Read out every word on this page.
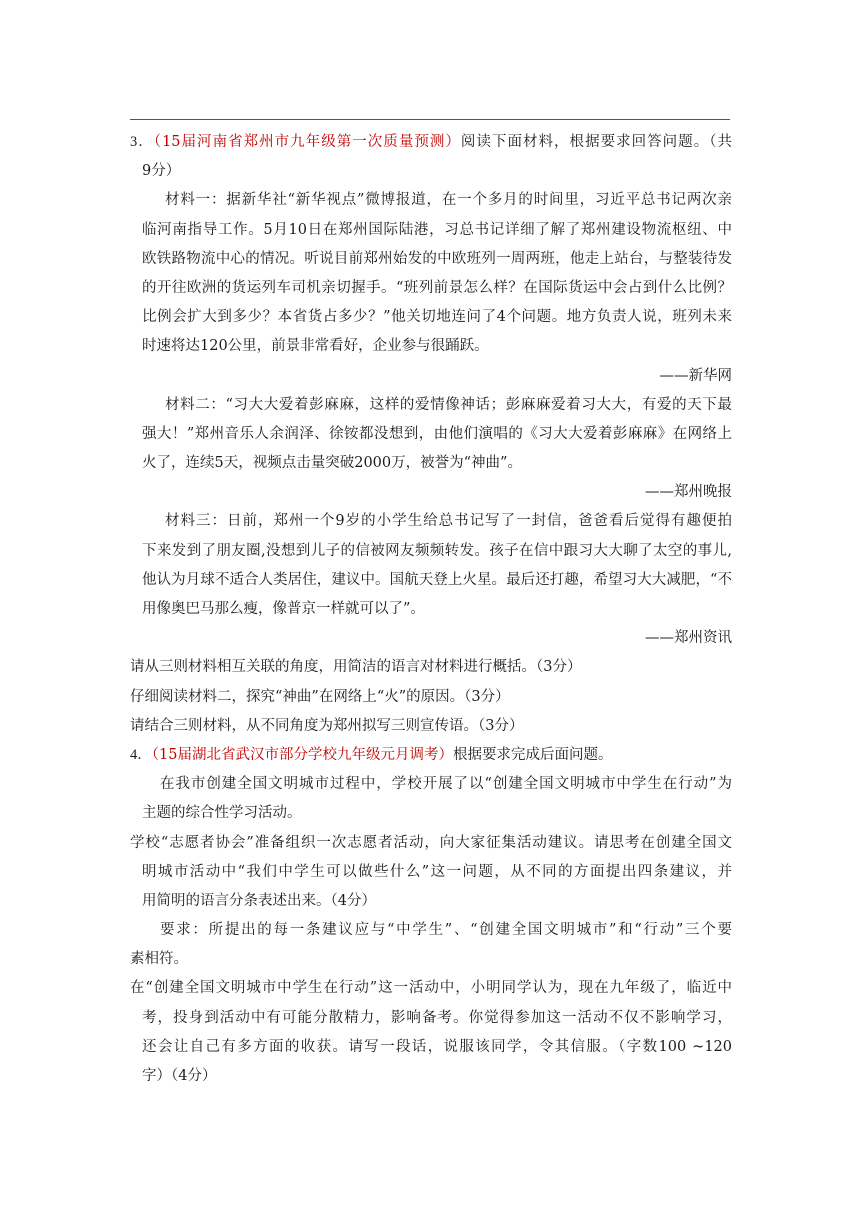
3．（15届河南省郑州市九年级第一次质量预测）阅读下面材料，根据要求回答问题。（共
9分）
材料一：据新华社“新华视点”微博报道，在一个多月的时间里，习近平总书记两次亲
临河南指导工作。5月10日在郑州国际陆港，习总书记详细了解了郑州建设物流枢纽、中
欧铁路物流中心的情况。听说目前郑州始发的中欧班列一周两班，他走上站台，与整装待发
的开往欧洲的货运列车司机亲切握手。“班列前景怎么样？在国际货运中会占到什么比例？
比例会扩大到多少？本省货占多少？”他关切地连问了4个问题。地方负责人说，班列未来
时速将达120公里，前景非常看好，企业参与很踊跃。
——新华网
材料二：“习大大爱着彭麻麻，这样的爱情像神话；彭麻麻爱着习大大，有爱的天下最
强大！”郑州音乐人余润泽、徐铵都没想到，由他们演唱的《习大大爱着彭麻麻》在网络上
火了，连续5天，视频点击量突破2000万，被誉为“神曲”。
——郑州晚报
材料三：日前，郑州一个9岁的小学生给总书记写了一封信，爸爸看后觉得有趣便拍
下来发到了朋友圈,没想到儿子的信被网友频频转发。孩子在信中跟习大大聊了太空的事儿,
他认为月球不适合人类居住，建议中。国航天登上火星。最后还打趣，希望习大大减肥，“不
用像奥巴马那么瘦，像普京一样就可以了”。
——郑州资讯
请从三则材料相互关联的角度，用简洁的语言对材料进行概括。（3分）
仔细阅读材料二，探究“神曲”在网络上“火”的原因。（3分）
请结合三则材料，从不同角度为郑州拟写三则宣传语。（3分）
4．（15届湖北省武汉市部分学校九年级元月调考）根据要求完成后面问题。
在我市创建全国文明城市过程中，学校开展了以“创建全国文明城市中学生在行动”为
主题的综合性学习活动。
学校“志愿者协会”准备组织一次志愿者活动，向大家征集活动建议。请思考在创建全国文
明城市活动中“我们中学生可以做些什么”这一问题，从不同的方面提出四条建议，并
用简明的语言分条表述出来。（4分）
要求：所提出的每一条建议应与“中学生”、“创建全国文明城市”和“行动”三个要
素相符。
在“创建全国文明城市中学生在行动”这一活动中，小明同学认为，现在九年级了，临近中
考，投身到活动中有可能分散精力，影响备考。你觉得参加这一活动不仅不影响学习，
还会让自己有多方面的收获。请写一段话，说服该同学，令其信服。（字数100 ~120
字）（4分）
